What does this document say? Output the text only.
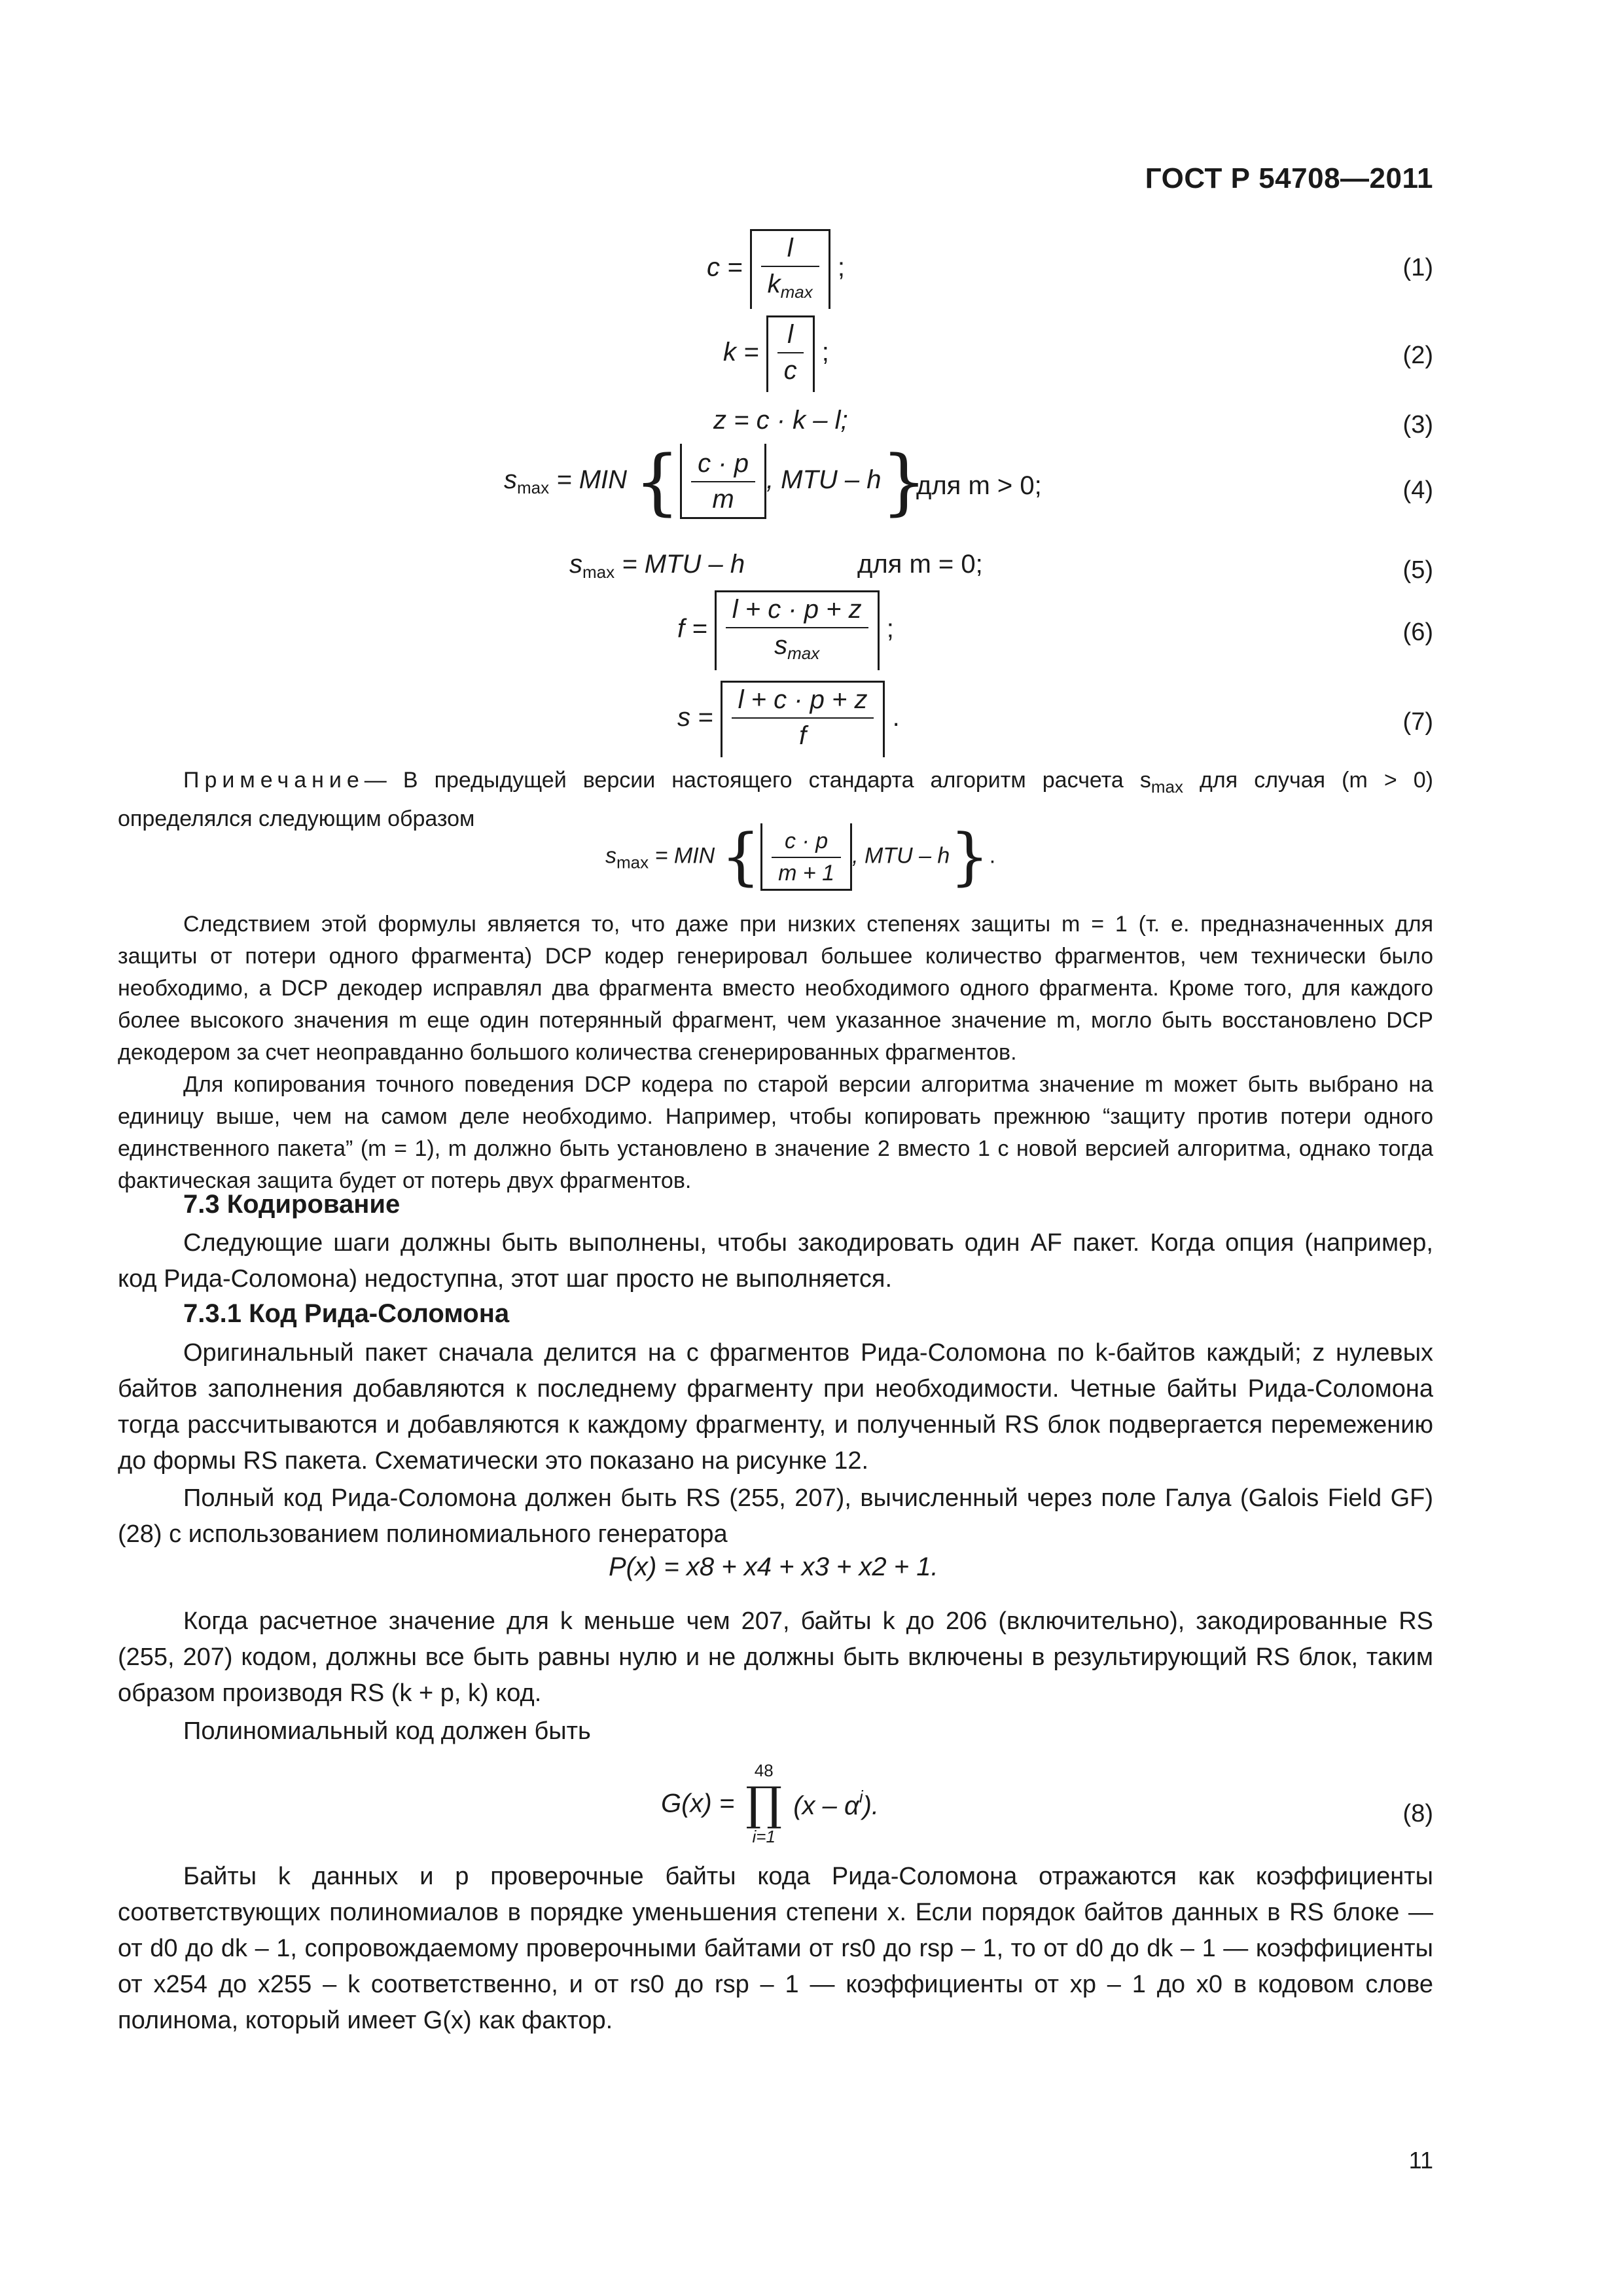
ГОСТ Р 54708—2011
$c = \frac{l}{k_{max}}$ ;	(1)
$k = \frac{l}{c}$ ;	(2)
z = c · k – l;	(3)
$s_{max}$ = MIN { $\frac{c \cdot p}{m}$ , MTU – h}
для m > 0;	(4)
$s_{max}$ = MTU – h	для m = 0;	(5)
$f = \frac{l + c \cdot p + z}{s_{max}}$ ;	(6)
$s = \frac{l + c \cdot p + z}{f}$ .	(7)
Примечание— В предыдущей версии настоящего стандарта алгоритм расчета $s_{max}$ для случая (m > 0) определялся следующим образом
$s_{max}$ = MIN { $\frac{c \cdot p}{m + 1}$ , MTU – h}.
Следствием этой формулы является то, что даже при низких степенях защиты m = 1 (т. е. предназначенных для защиты от потери одного фрагмента) DCP кодер генерировал большее количество фрагментов, чем технически было необходимо, а DCP декодер исправлял два фрагмента вместо необходимого одного фрагмента. Кроме того, для каждого более высокого значения m еще один потерянный фрагмент, чем указанное значение m, могло быть восстановлено DCP декодером за счет неоправданно большого количества сгенерированных фрагментов.
Для копирования точного поведения DCP кодера по старой версии алгоритма значение m может быть выбрано на единицу выше, чем на самом деле необходимо. Например, чтобы копировать прежнюю “защиту против потери одного единственного пакета” (m = 1), m должно быть установлено в значение 2 вместо 1 с новой версией алгоритма, однако тогда фактическая защита будет от потерь двух фрагментов.
7.3 Кодирование
Следующие шаги должны быть выполнены, чтобы закодировать один AF пакет. Когда опция (например, код Рида-Соломона) недоступна, этот шаг просто не выполняется.
7.3.1 Код Рида-Соломона
Оригинальный пакет сначала делится на c фрагментов Рида-Соломона по k-байтов каждый; z нулевых байтов заполнения добавляются к последнему фрагменту при необходимости. Четные байты Рида-Соломона тогда рассчитываются и добавляются к каждому фрагменту, и полученный RS блок подвергается перемежению до формы RS пакета. Схематически это показано на рисунке 12.
Полный код Рида-Соломона должен быть RS (255, 207), вычисленный через поле Галуа (Galois Field GF) (28) с использованием полиномиального генератора
P(x) = x8 + x4 + x3 + x2 + 1.
Когда расчетное значение для k меньше чем 207, байты k до 206 (включительно), закодированные RS (255, 207) кодом, должны все быть равны нулю и не должны быть включены в результирующий RS блок, таким образом производя RS (k + p, k) код.
Полиномиальный код должен быть
G(x) =
48
∏
i=1
$(x - \alpha^i)$.	(8)
Байты k данных и p проверочные байты кода Рида-Соломона отражаются как коэффициенты соответствующих полиномиалов в порядке уменьшения степени x. Если порядок байтов данных в RS блоке — от d0 до dk – 1, сопровождаемому проверочными байтами от rs0 до rsp – 1, то от d0 до dk – 1 — коэффициенты от x254 до x255 – k соответственно, и от rs0 до rsp – 1 — коэффициенты от xp – 1 до x0 в кодовом слове полинома, который имеет G(x) как фактор.
11
